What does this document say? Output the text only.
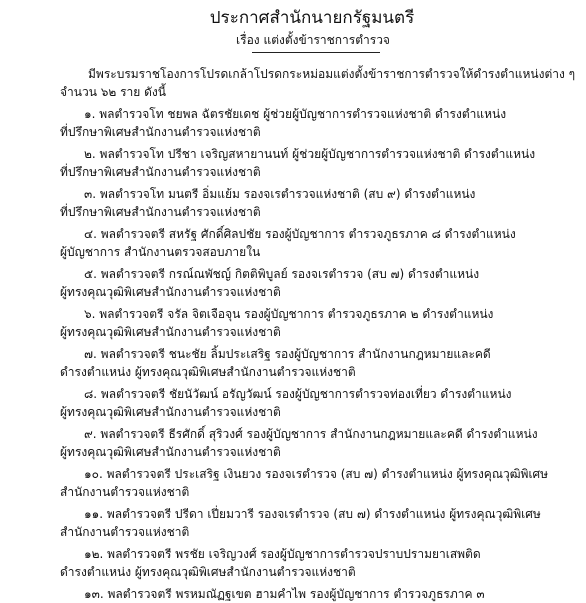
ประกาศสำนักนายกรัฐมนตรี
เรื่อง แต่งตั้งข้าราชการตำรวจ
มีพระบรมราชโองการโปรดเกล้าโปรดกระหม่อมแต่งตั้งข้าราชการตำรวจให้ดำรงตำแหน่งต่าง ๆ
จำนวน ๖๒ ราย ดังนี้
๑. พลตำรวจโท ชยพล ฉัตรชัยเดช ผู้ช่วยผู้บัญชาการตำรวจแห่งชาติ ดำรงตำแหน่ง
ที่ปรึกษาพิเศษสำนักงานตำรวจแห่งชาติ
๒. พลตำรวจโท ปรีชา เจริญสหายานนท์ ผู้ช่วยผู้บัญชาการตำรวจแห่งชาติ ดำรงตำแหน่ง
ที่ปรึกษาพิเศษสำนักงานตำรวจแห่งชาติ
๓. พลตำรวจโท มนตรี อิ่มแย้ม รองจเรตำรวจแห่งชาติ (สบ ๙) ดำรงตำแหน่ง
ที่ปรึกษาพิเศษสำนักงานตำรวจแห่งชาติ
๔. พลตำรวจตรี สหรัฐ ศักดิ์ศิลปชัย รองผู้บัญชาการ ตำรวจภูธรภาค ๘ ดำรงตำแหน่ง
ผู้บัญชาการ สำนักงานตรวจสอบภายใน
๕. พลตำรวจตรี กรณ์ณพัชญ์ กิตติพิบูลย์ รองจเรตำรวจ (สบ ๗) ดำรงตำแหน่ง
ผู้ทรงคุณวุฒิพิเศษสำนักงานตำรวจแห่งชาติ
๖. พลตำรวจตรี จรัล จิตเจือจุน รองผู้บัญชาการ ตำรวจภูธรภาค ๒ ดำรงตำแหน่ง
ผู้ทรงคุณวุฒิพิเศษสำนักงานตำรวจแห่งชาติ
๗. พลตำรวจตรี ชนะชัย ลิ้มประเสริฐ รองผู้บัญชาการ สำนักงานกฎหมายและคดี
ดำรงตำแหน่ง ผู้ทรงคุณวุฒิพิเศษสำนักงานตำรวจแห่งชาติ
๘. พลตำรวจตรี ชัยนัวัฒน์ อรัญวัฒน์ รองผู้บัญชาการตำรวจท่องเที่ยว ดำรงตำแหน่ง
ผู้ทรงคุณวุฒิพิเศษสำนักงานตำรวจแห่งชาติ
๙. พลตำรวจตรี ธีรศักดิ์ สุริวงศ์ รองผู้บัญชาการ สำนักงานกฎหมายและคดี ดำรงตำแหน่ง
ผู้ทรงคุณวุฒิพิเศษสำนักงานตำรวจแห่งชาติ
๑๐. พลตำรวจตรี ประเสริฐ เงินยวง รองจเรตำรวจ (สบ ๗) ดำรงตำแหน่ง ผู้ทรงคุณวุฒิพิเศษ
สำนักงานตำรวจแห่งชาติ
๑๑. พลตำรวจตรี ปรีดา เปี่ยมวารี รองจเรตำรวจ (สบ ๗) ดำรงตำแหน่ง ผู้ทรงคุณวุฒิพิเศษ
สำนักงานตำรวจแห่งชาติ
๑๒. พลตำรวจตรี พรชัย เจริญวงศ์ รองผู้บัญชาการตำรวจปราบปรามยาเสพติด
ดำรงตำแหน่ง ผู้ทรงคุณวุฒิพิเศษสำนักงานตำรวจแห่งชาติ
๑๓. พลตำรวจตรี พรหมณัฏฐเขต ฮามคำไพ รองผู้บัญชาการ ตำรวจภูธรภาค ๓
